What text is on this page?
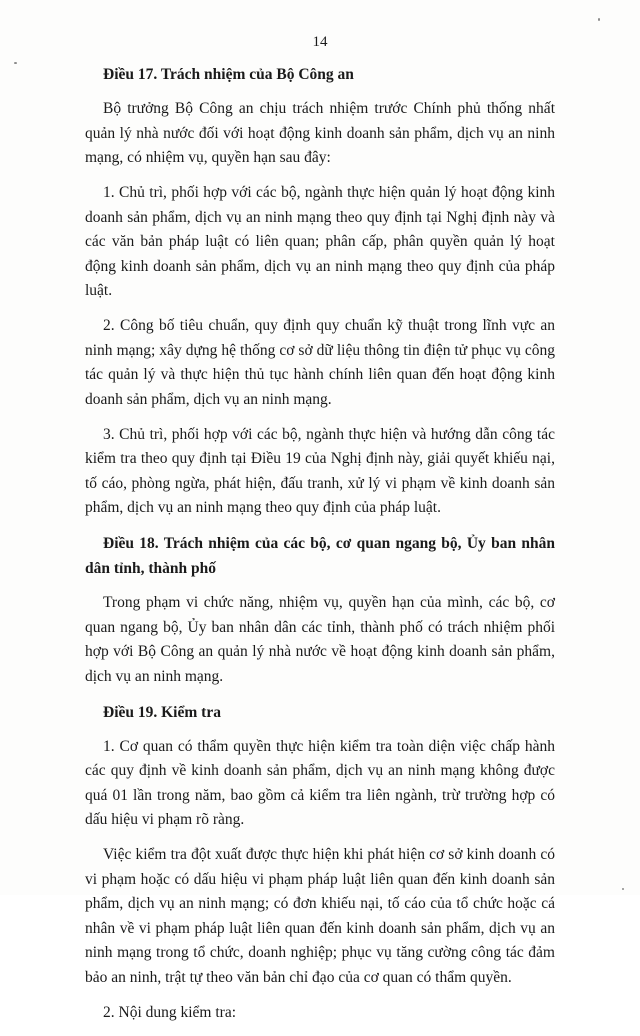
14
Điều 17. Trách nhiệm của Bộ Công an

Bộ trưởng Bộ Công an chịu trách nhiệm trước Chính phủ thống nhất quản lý nhà nước đối với hoạt động kinh doanh sản phẩm, dịch vụ an ninh mạng, có nhiệm vụ, quyền hạn sau đây:

1. Chủ trì, phối hợp với các bộ, ngành thực hiện quản lý hoạt động kinh doanh sản phẩm, dịch vụ an ninh mạng theo quy định tại Nghị định này và các văn bản pháp luật có liên quan; phân cấp, phân quyền quản lý hoạt động kinh doanh sản phẩm, dịch vụ an ninh mạng theo quy định của pháp luật.

2. Công bố tiêu chuẩn, quy định quy chuẩn kỹ thuật trong lĩnh vực an ninh mạng; xây dựng hệ thống cơ sở dữ liệu thông tin điện tử phục vụ công tác quản lý và thực hiện thủ tục hành chính liên quan đến hoạt động kinh doanh sản phẩm, dịch vụ an ninh mạng.

3. Chủ trì, phối hợp với các bộ, ngành thực hiện và hướng dẫn công tác kiểm tra theo quy định tại Điều 19 của Nghị định này, giải quyết khiếu nại, tố cáo, phòng ngừa, phát hiện, đấu tranh, xử lý vi phạm về kinh doanh sản phẩm, dịch vụ an ninh mạng theo quy định của pháp luật.

Điều 18. Trách nhiệm của các bộ, cơ quan ngang bộ, Ủy ban nhân dân tỉnh, thành phố

Trong phạm vi chức năng, nhiệm vụ, quyền hạn của mình, các bộ, cơ quan ngang bộ, Ủy ban nhân dân các tỉnh, thành phố có trách nhiệm phối hợp với Bộ Công an quản lý nhà nước về hoạt động kinh doanh sản phẩm, dịch vụ an ninh mạng.

Điều 19. Kiểm tra

1. Cơ quan có thẩm quyền thực hiện kiểm tra toàn diện việc chấp hành các quy định về kinh doanh sản phẩm, dịch vụ an ninh mạng không được quá 01 lần trong năm, bao gồm cả kiểm tra liên ngành, trừ trường hợp có dấu hiệu vi phạm rõ ràng.

Việc kiểm tra đột xuất được thực hiện khi phát hiện cơ sở kinh doanh có vi phạm hoặc có dấu hiệu vi phạm pháp luật liên quan đến kinh doanh sản phẩm, dịch vụ an ninh mạng; có đơn khiếu nại, tố cáo của tổ chức hoặc cá nhân về vi phạm pháp luật liên quan đến kinh doanh sản phẩm, dịch vụ an ninh mạng trong tổ chức, doanh nghiệp; phục vụ tăng cường công tác đảm bảo an ninh, trật tự theo văn bản chỉ đạo của cơ quan có thẩm quyền.

2. Nội dung kiểm tra:
